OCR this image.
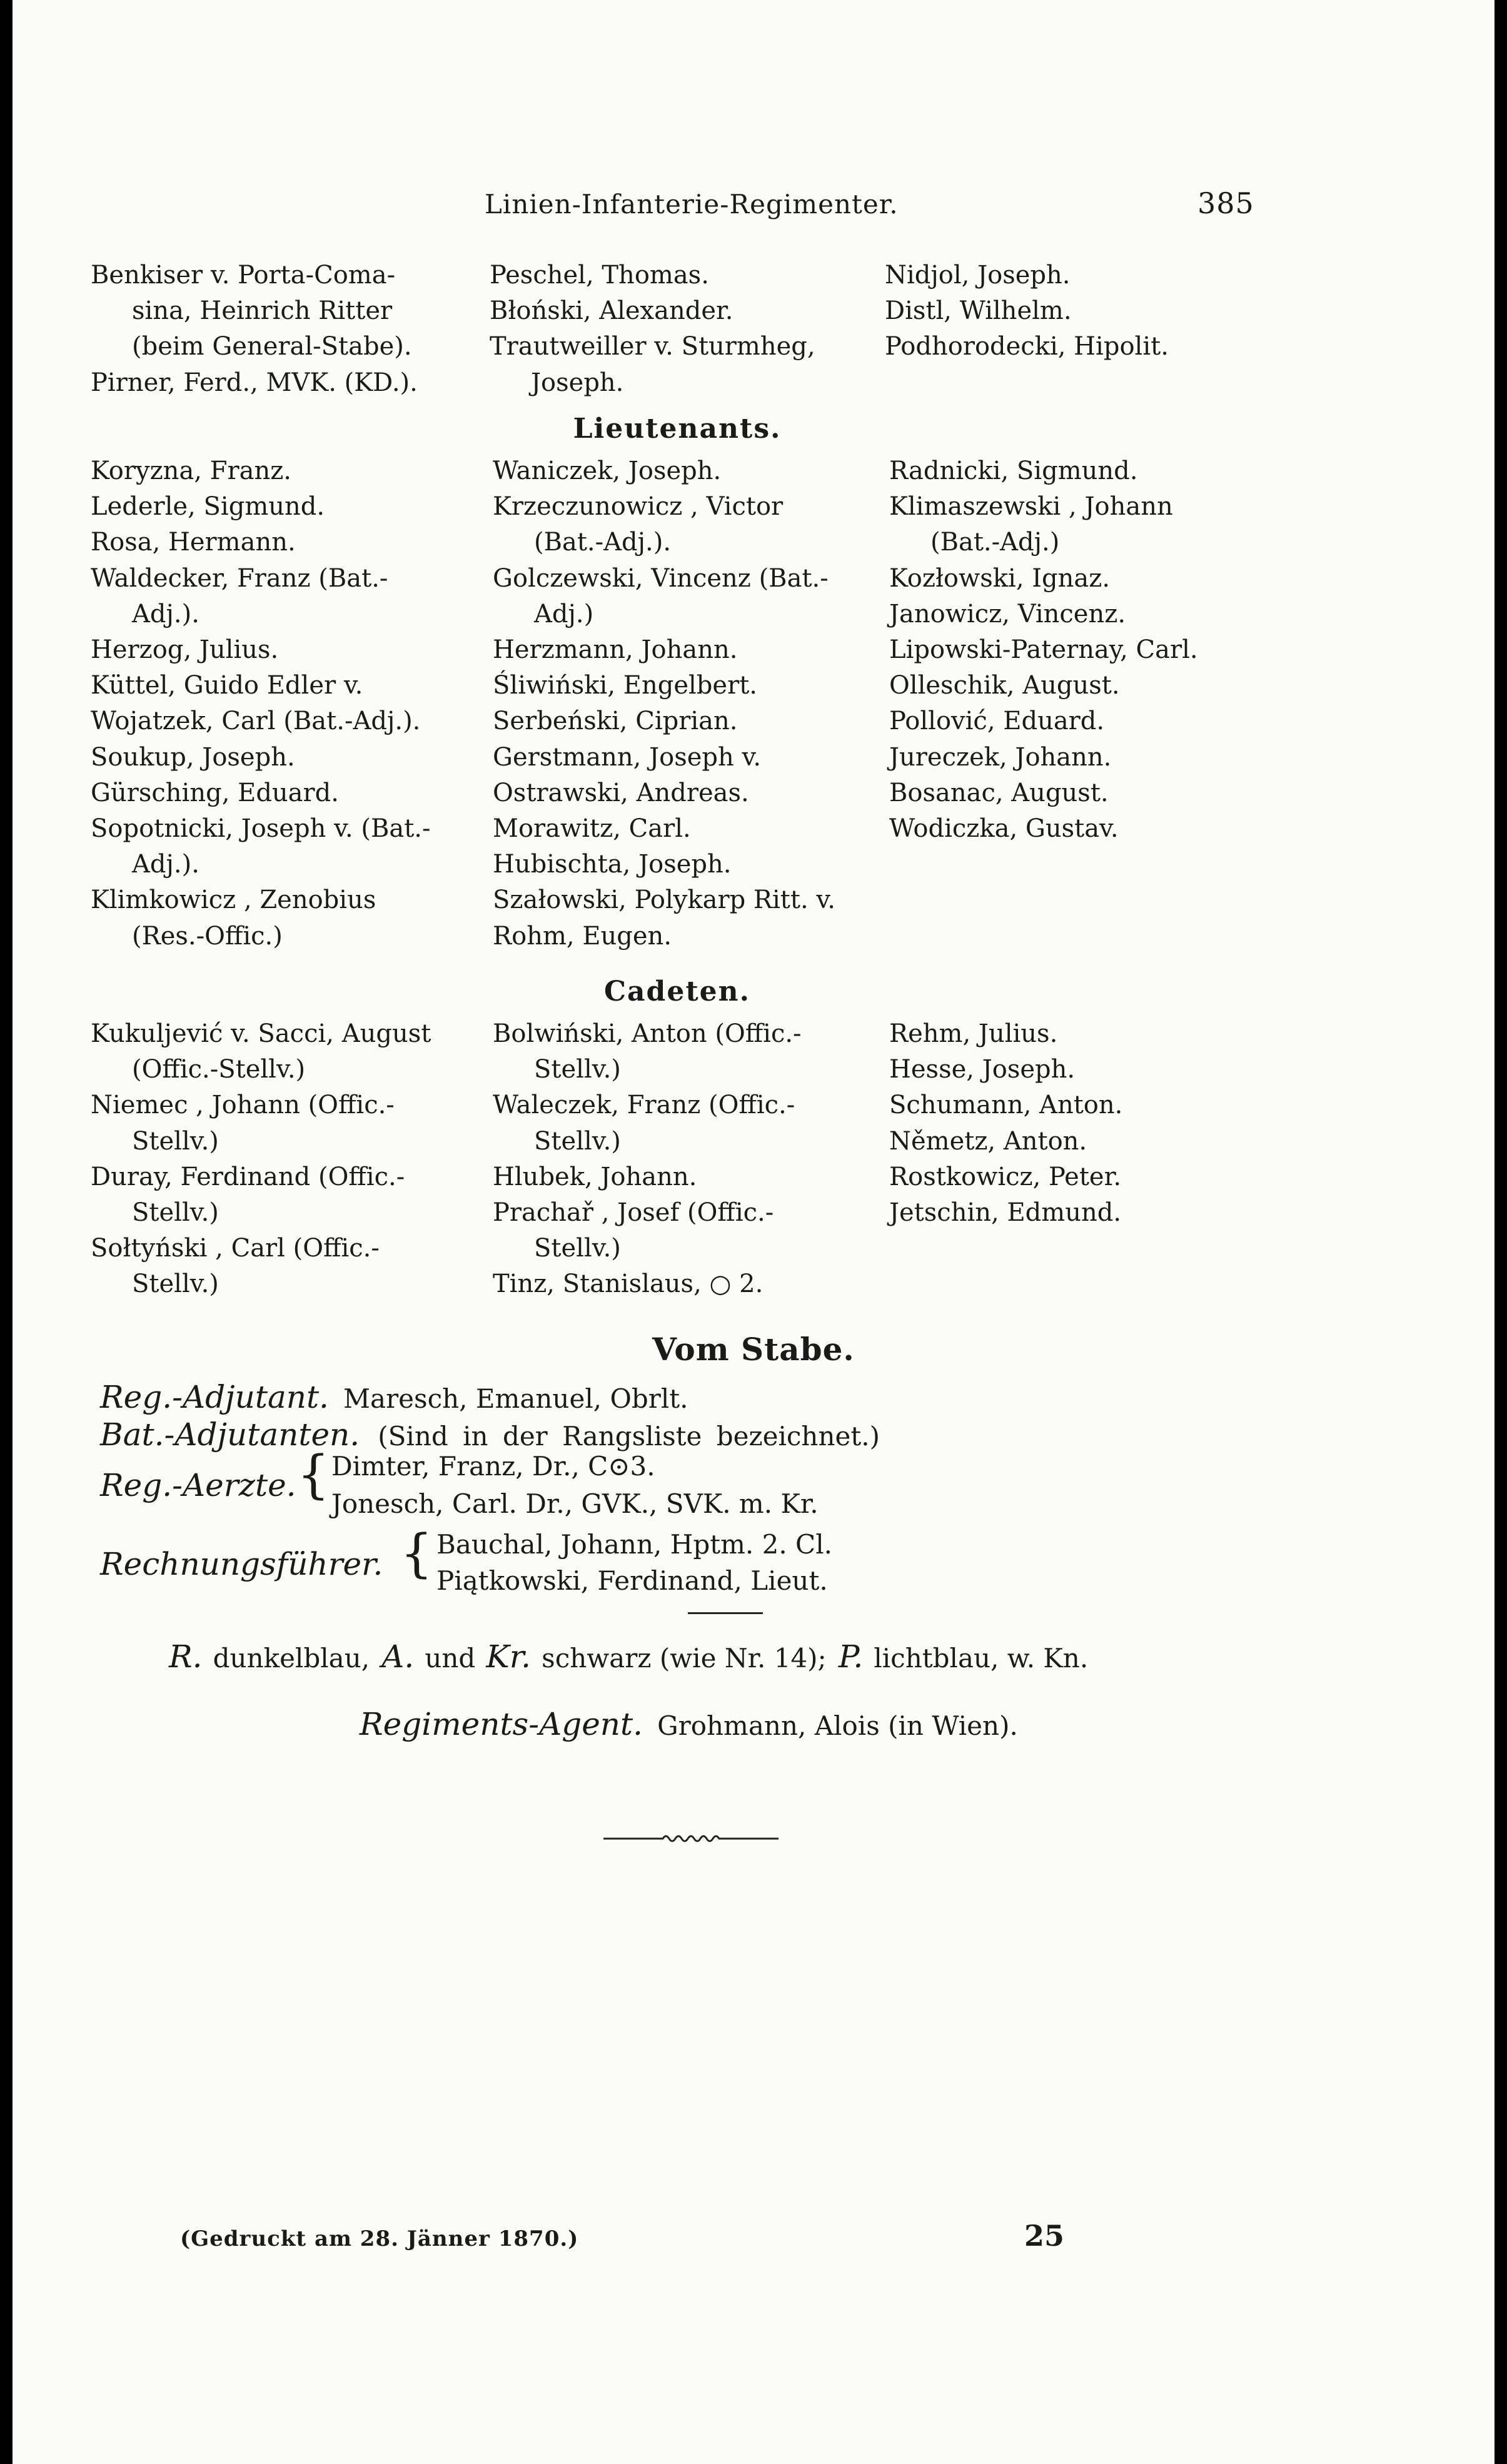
Linien-Infanterie-Regimenter.	385
Benkiser v. Porta-Coma-
sina, Heinrich Ritter
(beim General-Stabe).
Pirner, Ferd., MVK. (KD.).
Koryzna, Franz.
Lederle, Sigmund.
Rosa, Hermann.
Waldecker, Franz (Bat.-
Adj.).
Herzog, Julius.
Küttel, Guido Edler v.
Wojatzek, Carl (Bat.-Adj.).
Soukup, Joseph.
Gürsching, Eduard.
Sopotnicki, Joseph v. (Bat.-
Adj.).
Klimkowicz , Zenobius
(Res.-Offic.)
Kukuljević v. Sacci, August
(Offic.-Stellv.)
Niemec , Johann (Offic.-
Stellv.)
Duray, Ferdinand (Offic.-
Stellv.)
Sołtyński , Carl (Offic.-
Stellv.)
Peschel, Thomas.
Błoński, Alexander.
Trautweiller v. Sturmheg,
Joseph.
Lieutenants.
Waniczek, Joseph.
Krzeczunowicz , Victor
(Bat.-Adj.).
Golczewski, Vincenz (Bat.-
Adj.)
Herzmann, Johann.
Śliwiński, Engelbert.
Serbeński, Ciprian.
Gerstmann, Joseph v.
Ostrawski, Andreas.
Morawitz, Carl.
Hubischta, Joseph.
Szałowski, Polykarp Ritt. v.
Rohm, Eugen.
Cadeten.
Bolwiński, Anton (Offic.-
Stellv.)
Waleczek, Franz (Offic.-
Stellv.)
Hlubek, Johann.
Prachař , Josef (Offic.-
Stellv.)
Tinz, Stanislaus, ○ 2.
Nidjol, Joseph.
Distl, Wilhelm.
Podhorodecki, Hipolit.
Radnicki, Sigmund.
Klimaszewski , Johann
(Bat.-Adj.)
Kozłowski, Ignaz.
Janowicz, Vincenz.
Lipowski-Paternay, Carl.
Olleschik, August.
Pollović, Eduard.
Jureczek, Johann.
Bosanac, August.
Wodiczka, Gustav.
Rehm, Julius.
Hesse, Joseph.
Schumann, Anton.
Němetz, Anton.
Rostkowicz, Peter.
Jetschin, Edmund.
Vom Stabe.
Reg.-Adjutant. Maresch, Emanuel, Obrlt.
Bat.-Adjutanten. (Sind in der Rangsliste bezeichnet.)
Reg.-Aerzte. { Dimter, Franz, Dr., C⊙3.
Jonesch, Carl. Dr., GVK., SVK. m. Kr.
Rechnungsführer. { Bauchal, Johann, Hptm. 2. Cl.
Piątkowski, Ferdinand, Lieut.
R. dunkelblau, A. und Kr. schwarz (wie Nr. 14); P. lichtblau, w. Kn.
Regiments-Agent. Grohmann, Alois (in Wien).
(Gedruckt am 28. Jänner 1870.)	25
